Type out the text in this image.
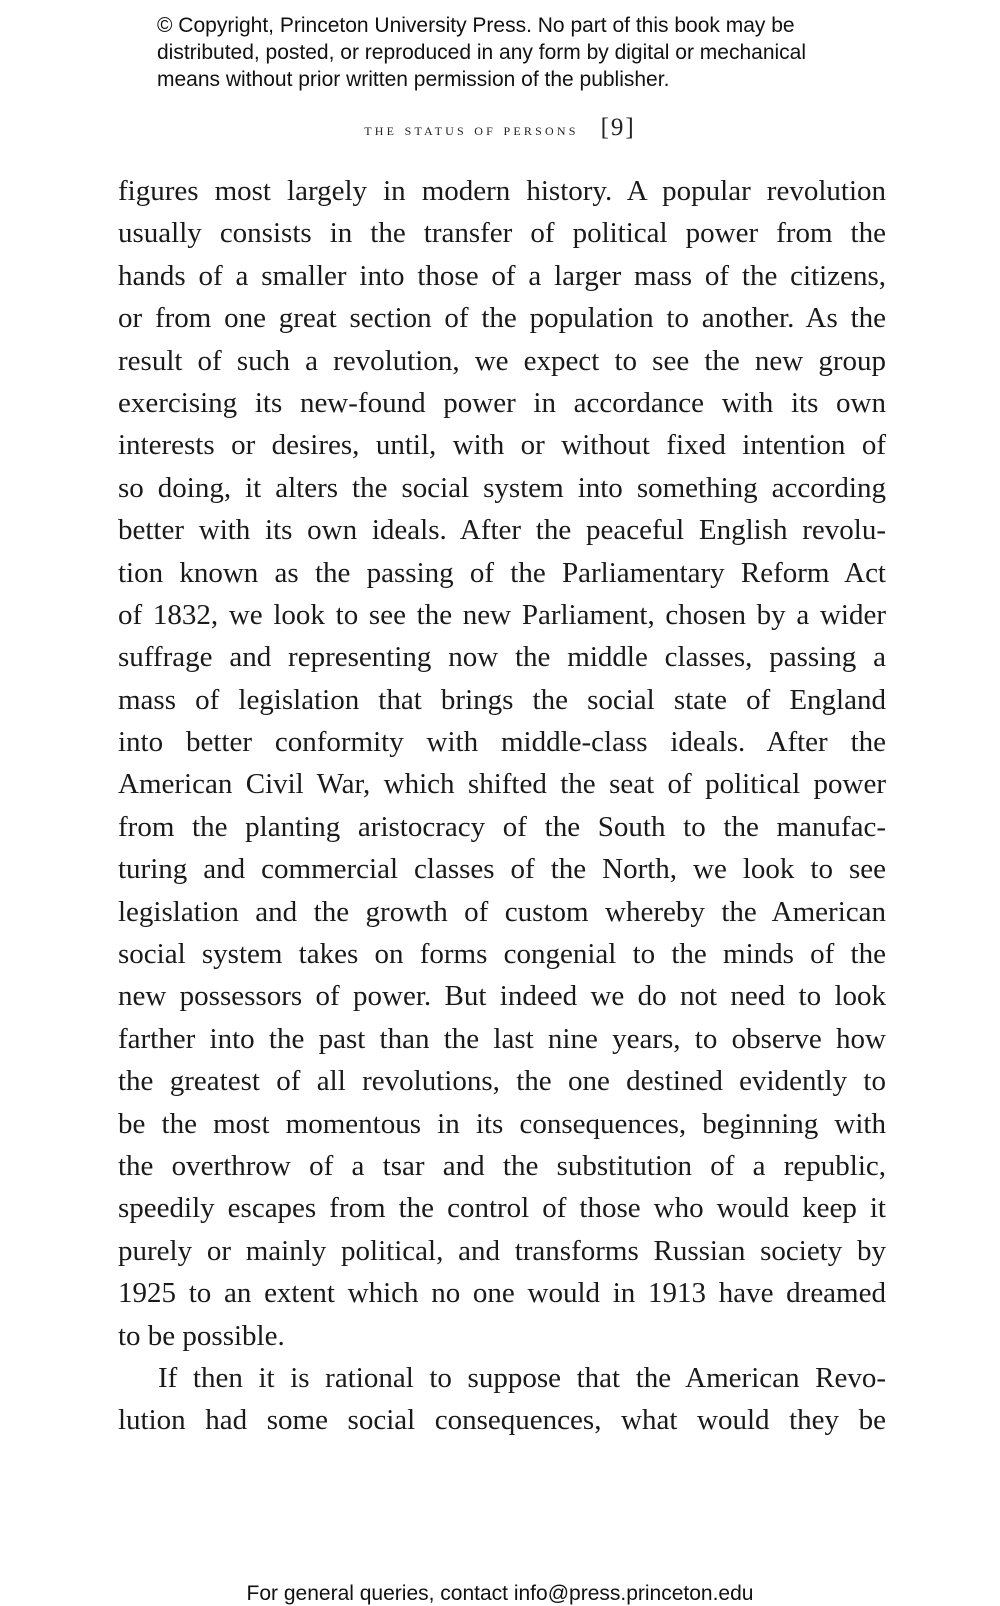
© Copyright, Princeton University Press. No part of this book may be
distributed, posted, or reproduced in any form by digital or mechanical
means without prior written permission of the publisher.
the status of persons [9]
figures most largely in modern history. A popular revolution
usually consists in the transfer of political power from the
hands of a smaller into those of a larger mass of the citizens,
or from one great section of the population to another. As the
result of such a revolution, we expect to see the new group
exercising its new-found power in accordance with its own
interests or desires, until, with or without fixed intention of
so doing, it alters the social system into something according
better with its own ideals. After the peaceful English revolu-
tion known as the passing of the Parliamentary Reform Act
of 1832, we look to see the new Parliament, chosen by a wider
suffrage and representing now the middle classes, passing a
mass of legislation that brings the social state of England
into better conformity with middle-class ideals. After the
American Civil War, which shifted the seat of political power
from the planting aristocracy of the South to the manufac-
turing and commercial classes of the North, we look to see
legislation and the growth of custom whereby the American
social system takes on forms congenial to the minds of the
new possessors of power. But indeed we do not need to look
farther into the past than the last nine years, to observe how
the greatest of all revolutions, the one destined evidently to
be the most momentous in its consequences, beginning with
the overthrow of a tsar and the substitution of a republic,
speedily escapes from the control of those who would keep it
purely or mainly political, and transforms Russian society by
1925 to an extent which no one would in 1913 have dreamed
to be possible.
If then it is rational to suppose that the American Revo-
lution had some social consequences, what would they be
For general queries, contact info@press.princeton.edu
